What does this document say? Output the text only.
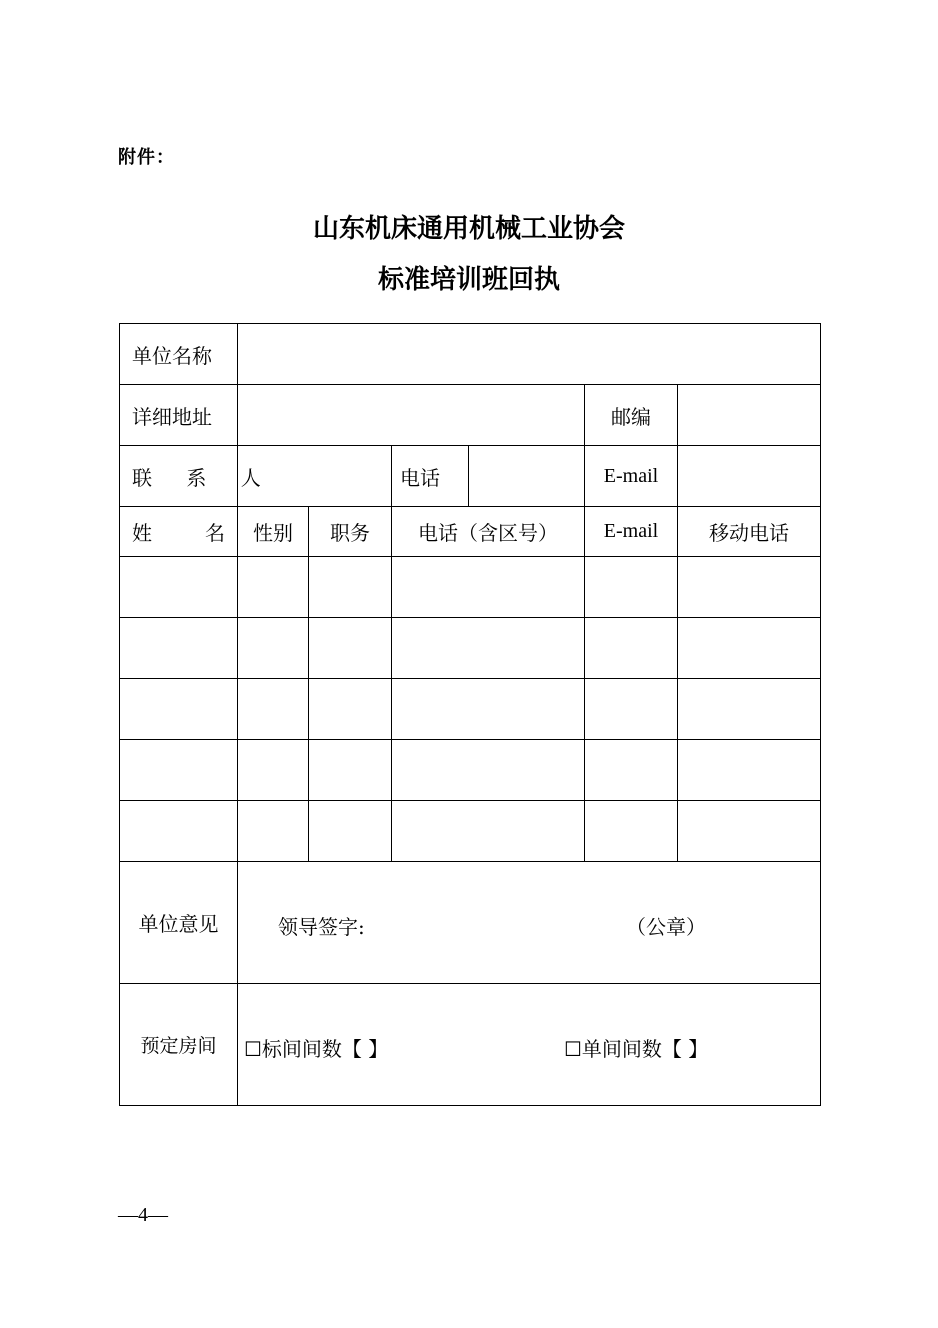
附件：
山东机床通用机械工业协会
标准培训班回执
单位名称						
详细地址					邮编	
联 系 人			电话		E-mail	

姓 名	性别	职务	电话（含区号）		E-mail	移动电话

单位意见	领导签字: （公章）					

预定房间	☐标间间数【 】 ☐单间间数【 】					
—4—
